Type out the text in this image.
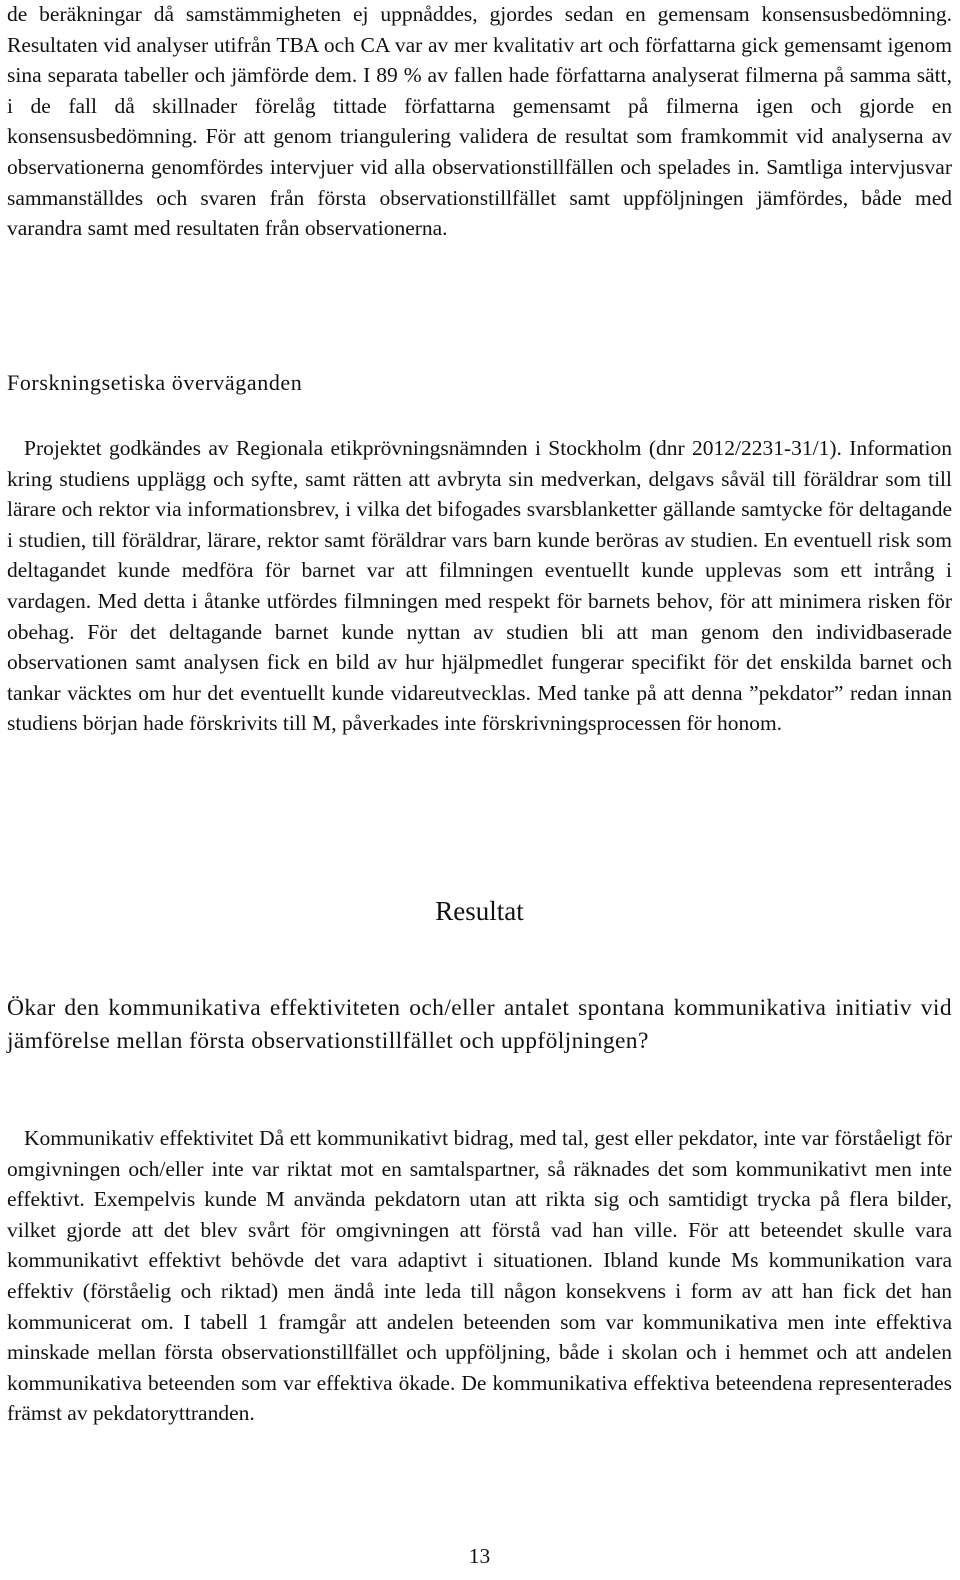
de beräkningar då samstämmigheten ej uppnåddes, gjordes sedan en gemensam konsensusbedömning. Resultaten vid analyser utifrån TBA och CA var av mer kvalitativ art och författarna gick gemensamt igenom sina separata tabeller och jämförde dem. I 89 % av fallen hade författarna analyserat filmerna på samma sätt, i de fall då skillnader förelåg tittade författarna gemensamt på filmerna igen och gjorde en konsensusbedömning. För att genom triangulering validera de resultat som framkommit vid analyserna av observationerna genomfördes intervjuer vid alla observationstillfällen och spelades in. Samtliga intervjusvar sammanställdes och svaren från första observationstillfället samt uppföljningen jämfördes, både med varandra samt med resultaten från observationerna.

Forskningsetiska överväganden

Projektet godkändes av Regionala etikprövningsnämnden i Stockholm (dnr 2012/2231-31/1). Information kring studiens upplägg och syfte, samt rätten att avbryta sin medverkan, delgavs såväl till föräldrar som till lärare och rektor via informationsbrev, i vilka det bifogades svarsblanketter gällande samtycke för deltagande i studien, till föräldrar, lärare, rektor samt föräldrar vars barn kunde beröras av studien. En eventuell risk som deltagandet kunde medföra för barnet var att filmningen eventuellt kunde upplevas som ett intrång i vardagen. Med detta i åtanke utfördes filmningen med respekt för barnets behov, för att minimera risken för obehag. För det deltagande barnet kunde nyttan av studien bli att man genom den individbaserade observationen samt analysen fick en bild av hur hjälpmedlet fungerar specifikt för det enskilda barnet och tankar väcktes om hur det eventuellt kunde vidareutvecklas. Med tanke på att denna ”pekdator” redan innan studiens början hade förskrivits till M, påverkades inte förskrivningsprocessen för honom.

Resultat
Ökar den kommunikativa effektiviteten och/eller antalet spontana kommunikativa initiativ vid jämförelse mellan första observationstillfället och uppföljningen?

Kommunikativ effektivitet Då ett kommunikativt bidrag, med tal, gest eller pekdator, inte var förståeligt för omgivningen och/eller inte var riktat mot en samtalspartner, så räknades det som kommunikativt men inte effektivt. Exempelvis kunde M använda pekdatorn utan att rikta sig och samtidigt trycka på flera bilder, vilket gjorde att det blev svårt för omgivningen att förstå vad han ville. För att beteendet skulle vara kommunikativt effektivt behövde det vara adaptivt i situationen. Ibland kunde Ms kommunikation vara effektiv (förståelig och riktad) men ändå inte leda till någon konsekvens i form av att han fick det han kommunicerat om. I tabell 1 framgår att andelen beteenden som var kommunikativa men inte effektiva minskade mellan första observationstillfället och uppföljning, både i skolan och i hemmet och att andelen kommunikativa beteenden som var effektiva ökade. De kommunikativa effektiva beteendena representerades främst av pekdatoryttranden.

13
